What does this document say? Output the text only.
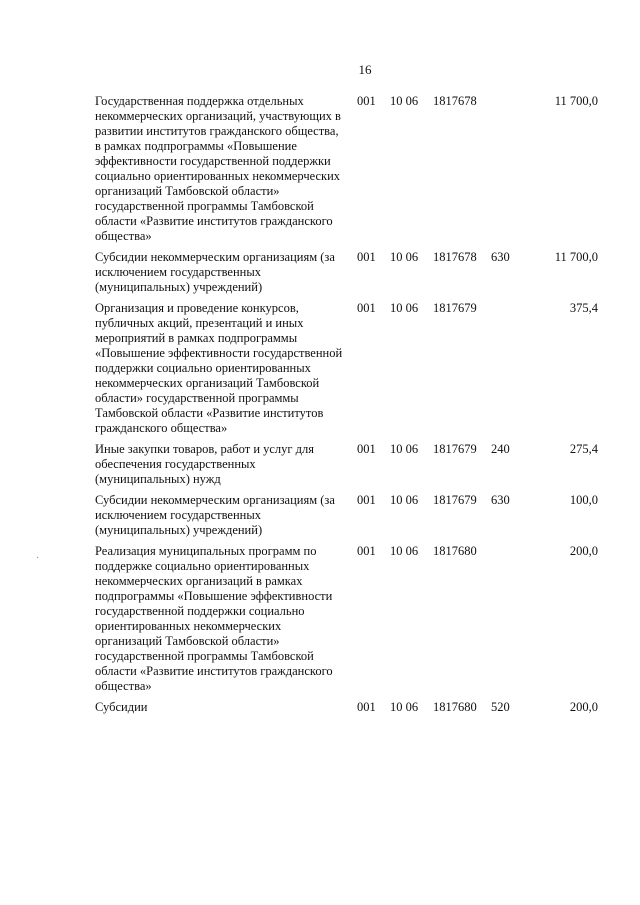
16
·
Государственная поддержка отдельных некоммерческих организаций, участвующих в развитии институтов гражданского общества, в рамках подпрограммы «Повышение эффективности государственной поддержки социально ориентированных некоммерческих организаций Тамбовской области» государственной программы Тамбовской области «Развитие институтов гражданского общества»
001 10 06 1817678	11 700,0
Субсидии некоммерческим организациям (за исключением государственных (муниципальных) учреждений)
001 10 06 1817678 630	11 700,0
Организация и проведение конкурсов, публичных акций, презентаций и иных мероприятий в рамках подпрограммы «Повышение эффективности государственной поддержки социально ориентированных некоммерческих организаций Тамбовской области» государственной программы Тамбовской области «Развитие институтов гражданского общества»
001 10 06 1817679	375,4
Иные закупки товаров, работ и услуг для обеспечения государственных (муниципальных) нужд
001 10 06 1817679 240	275,4
Субсидии некоммерческим организациям (за исключением государственных (муниципальных) учреждений)
001 10 06 1817679 630	100,0
Реализация муниципальных программ по поддержке социально ориентированных некоммерческих организаций в рамках подпрограммы «Повышение эффективности государственной поддержки социально ориентированных некоммерческих организаций Тамбовской области» государственной программы Тамбовской области «Развитие институтов гражданского общества»
001 10 06 1817680	200,0
Субсидии	001 10 06 1817680 520	200,0
